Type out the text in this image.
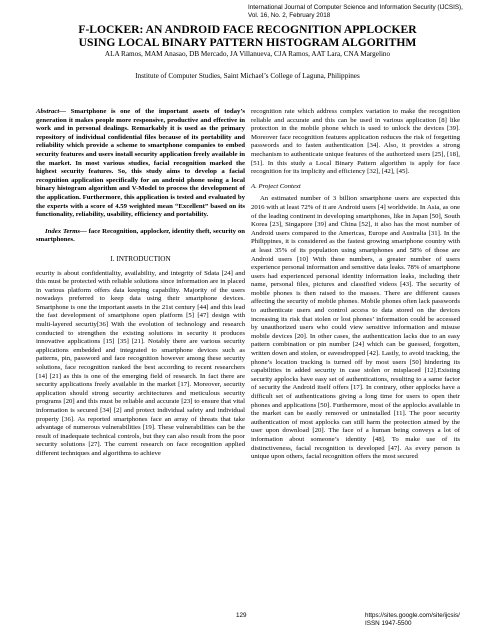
International Journal of Computer Science and Information Security (IJCSIS),
Vol. 16, No. 2, February 2018
F-LOCKER: AN ANDROID FACE RECOGNITION APPLOCKER
USING LOCAL BINARY PATTERN HISTOGRAM ALGORITHM
ALA Ramos, MAM Anasao, DB Mercado, JA Villanueva, CJA Ramos, AAT Lara, CNA Margelino
Institute of Computer Studies, Saint Michael’s College of Laguna, Philippines

Abstract— Smartphone is one of the important assets of today’s generation it makes people more responsive, productive and effective in work and in personal dealings. Remarkably it is used as the primary repository of individual confidential files because of its portability and reliability which provide a scheme to smartphone companies to embed security features and users install security application freely available in the market. In most various studies, facial recognition marked the highest security features. So, this study aims to develop a facial recognition application specifically for an android phone using a local binary histogram algorithm and V-Model to process the development of the application. Furthermore, this application is tested and evaluated by the experts with a score of 4.59 weighted mean “Excellent” based on its functionality, reliability, usability, efficiency and portability.

Index Terms— face Recognition, applocker, identity theft, security on smartphones.

I. INTRODUCTION

ecurity is about confidentiality, availability, and integrity of Sdata [24] and this must be protected with reliable solutions since information are in placed in various platform offers data keeping capability. Majority of the users nowadays preferred to keep data using their smartphone devices. Smartphone is one the important assets in the 21st century [44] and this lead the fast development of smartphone open platform [5] [47] design with multi-layered security[36] With the evolution of technology and research conducted to strengthen the existing solutions in security it produces innovative applications [15] [35] [21]. Notably there are various security applications embedded and integrated to smartphone devices such as patterns, pin, password and face recognition however among these security solutions, face recognition ranked the best according to recent researchers [14] [21] as this is one of the emerging field of research. In fact there are security applications freely available in the market [17]. Moreover, security application should strong security architectures and meticulous security programs [20] and this must be reliable and accurate [23] to ensure that vital information is secured [34] [2] and protect individual safety and individual property [36]. As reported smartphones face an array of threats that take advantage of numerous vulnerabilities [19]. These vulnerabilities can be the result of inadequate technical controls, but they can also result from the poor security solutions [27]. The current research on face recognition applied different techniques and algorithms to achieve

recognition rate which address complex variation to make the recognition reliable and accurate and this can be used in various application [8] like protection in the mobile phone which is used to unlock the devices [39]. Moreover face recognition features application reduces the risk of forgetting passwords and to fasten authentication [34]. Also, it provides a strong mechanism to authenticate unique features of the authorized users [25], [18], [51]. In this study a Local Binary Pattern algorithm is apply for face recognition for its implicity and efficiency [32], [42], [45].

A. Project Context

An estimated number of 3 billion smartphone users are expected this 2016 with at least 72% of it are Android users [4] worldwide. In Asia, as one of the leading continent in developing smartphones, like in Japan [50], South Korea [23], Singapore [39] and China [52], it also has the most number of Android users compared to the Americas, Europe and Australia [31]. In the Philippines, it is considered as the fastest growing smartphone country with at least 35% of its population using smartphones and 58% of those are Android users [10] With these numbers, a greater number of users experience personal information and sensitive data leaks. 78% of smartphone users had experienced personal identity information leaks, including their name, personal files, pictures and classified videos [43]. The security of mobile phones is then raised to the masses. There are different causes affecting the security of mobile phones. Mobile phones often lack passwords to authenticate users and control access to data stored on the devices increasing its risk that stolen or lost phones’ information could be accessed by unauthorized users who could view sensitive information and misuse mobile devices [20]. In other cases, the authentication lacks due to an easy pattern combination or pin number [24] which can be guessed, forgotten, written down and stolen, or eavesdropped [42]. Lastly, to avoid tracking, the phone’s location tracking is turned off by most users [50] hindering its capabilities in added security in case stolen or misplaced [12].Existing security applocks have easy set of authentications, resulting to a same factor of security the Android itself offers [17]. In contrary, other applocks have a difficult set of authentications giving a long time for users to open their phones and applications [50]. Furthermore, most of the applocks available in the market can be easily removed or uninstalled [11]. The poor security authentication of most applocks can still harm the protection aimed by the user upon download [20]. The face of a human being conveys a lot of information about someone’s identity [48]. To make use of its distinctiveness, facial recognition is developed [47]. As every person is unique upon others, facial recognition offers the most secured

129	https://sites.google.com/site/ijcsis/
ISSN 1947-5500
